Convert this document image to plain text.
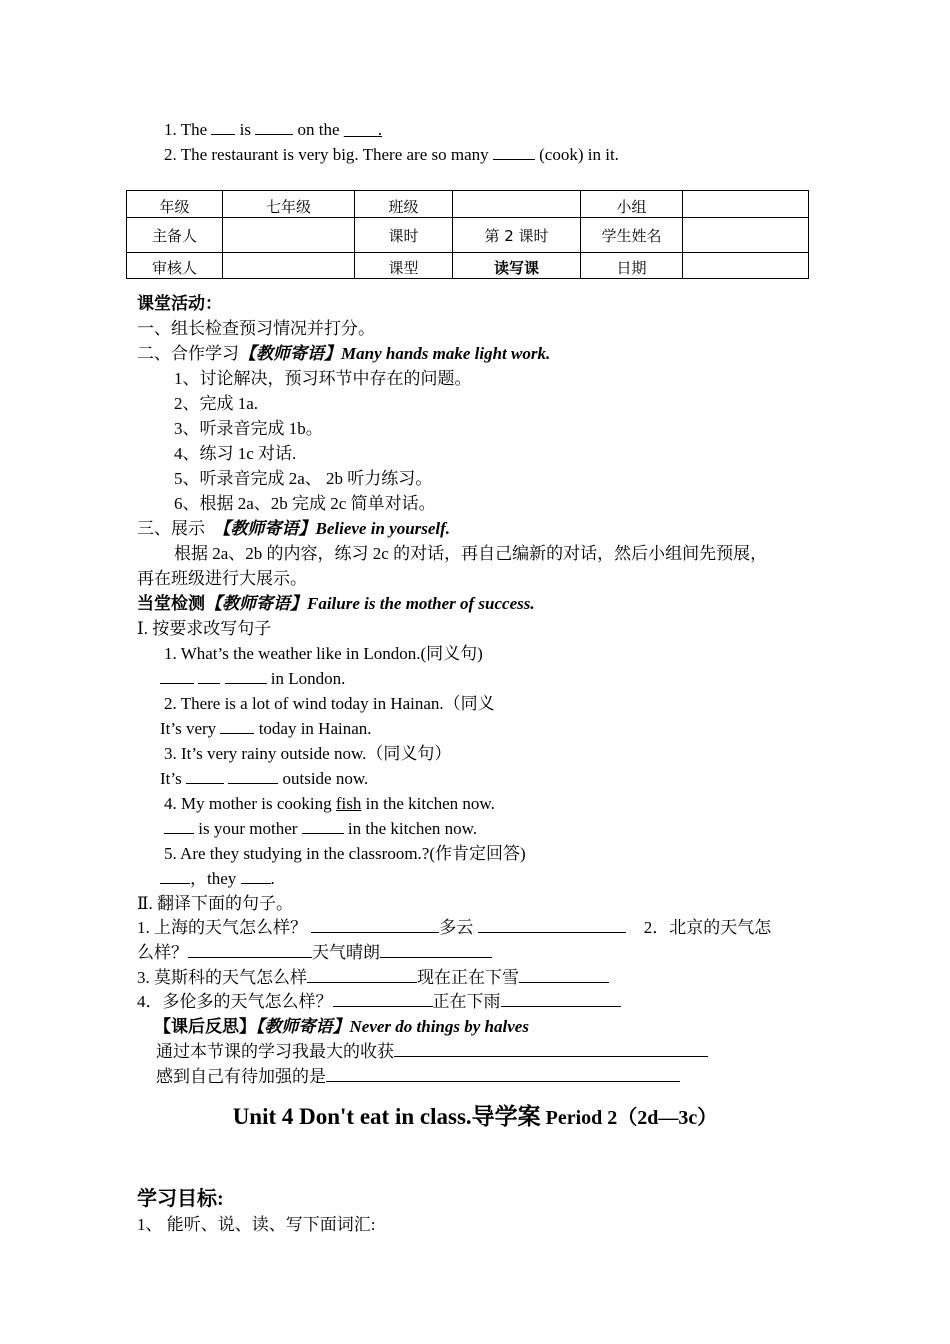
1. The is	on the .
2. The restaurant is very big. There are so many	(cook) in it.
年级	七年级	班级		小组	
主备人		课时	第 2 课时	学生姓名	
审核人		课型	读写课	日期	
课堂活动：
一、组长检查预习情况并打分。
二、合作学习【教师寄语】Many hands make light work.
1、讨论解决，预习环节中存在的问题。
2、完成 1a.
3、听录音完成 1b。
4、练习 1c 对话.
5、听录音完成 2a、 2b 听力练习。
6、根据 2a、2b 完成 2c 简单对话。
三、展示  【教师寄语】Believe in yourself.
根据 2a、2b 的内容，练习 2c 的对话，再自己编新的对话，然后小组间先预展，
再在班级进行大展示。
当堂检测【教师寄语】Failure is the mother of success.
Ⅰ. 按要求改写句子
1. What’s the weather like in London.(同义句)
in London.
2. There is a lot of wind today in Hainan.（同义
It’s very	today in Hainan.
3. It’s very rainy outside now.（同义句）
It’s	outside now.
4. My mother is cooking fish in the kitchen now.
is your mother	in the kitchen now.
5. Are they studying in the classroom.?(作肯定回答)
，they .
Ⅱ. 翻译下面的句子。
1. 上海的天气怎么样？	多云	2．北京的天气怎
么样？	天气晴朗
3. 莫斯科的天气怎么样	现在正在下雪
4．多伦多的天气怎么样？	正在下雨
【课后反思】【教师寄语】Never do things by halves
通过本节课的学习我最大的收获
感到自己有待加强的是
Unit 4 Don't eat in class.导学案 Period 2（2d—3c）
学习目标:
1、 能听、说、读、写下面词汇:
